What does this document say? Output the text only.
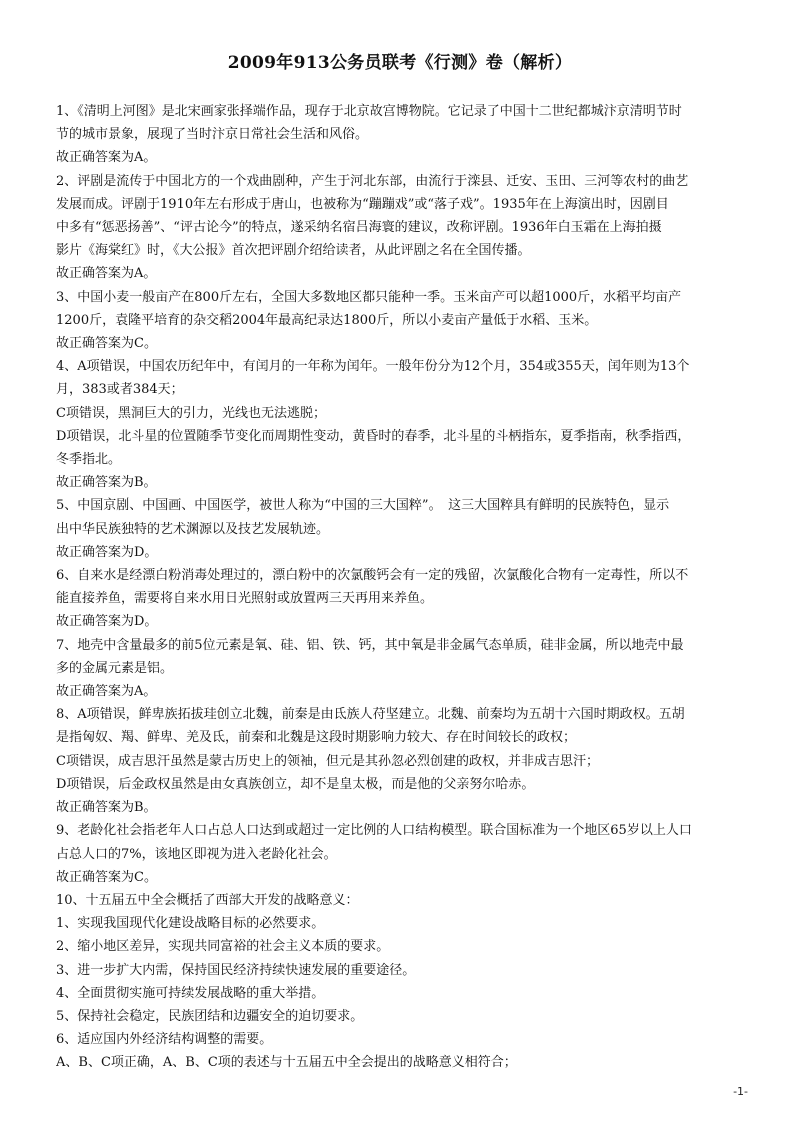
2009年913公务员联考《行测》卷（解析）
1、《清明上河图》是北宋画家张择端作品，现存于北京故宫博物院。它记录了中国十二世纪都城汴京清明节时
节的城市景象，展现了当时汴京日常社会生活和风俗。
故正确答案为A。
2、评剧是流传于中国北方的一个戏曲剧种，产生于河北东部，由流行于滦县、迁安、玉田、三河等农村的曲艺
发展而成。评剧于1910年左右形成于唐山，也被称为“蹦蹦戏”或“落子戏”。1935年在上海演出时，因剧目
中多有“惩恶扬善”、“评古论今”的特点，遂采纳名宿吕海寰的建议，改称评剧。1936年白玉霜在上海拍摄
影片《海棠红》时，《大公报》首次把评剧介绍给读者，从此评剧之名在全国传播。
故正确答案为A。
3、中国小麦一般亩产在800斤左右，全国大多数地区都只能种一季。玉米亩产可以超1000斤，水稻平均亩产
1200斤，袁隆平培育的杂交稻2004年最高纪录达1800斤，所以小麦亩产量低于水稻、玉米。
故正确答案为C。
4、A项错误，中国农历纪年中，有闰月的一年称为闰年。一般年份分为12个月，354或355天，闰年则为13个
月，383或者384天；
C项错误，黑洞巨大的引力，光线也无法逃脱；
D项错误，北斗星的位置随季节变化而周期性变动，黄昏时的春季，北斗星的斗柄指东，夏季指南，秋季指西，
冬季指北。
故正确答案为B。
5、中国京剧、中国画、中国医学，被世人称为“中国的三大国粹”。　这三大国粹具有鲜明的民族特色，显示
出中华民族独特的艺术渊源以及技艺发展轨迹。
故正确答案为D。
6、自来水是经漂白粉消毒处理过的，漂白粉中的次氯酸钙会有一定的残留，次氯酸化合物有一定毒性，所以不
能直接养鱼，需要将自来水用日光照射或放置两三天再用来养鱼。
故正确答案为D。
7、地壳中含量最多的前5位元素是氧、硅、铝、铁、钙，其中氧是非金属气态单质，硅非金属，所以地壳中最
多的金属元素是铝。
故正确答案为A。
8、A项错误，鲜卑族拓拔珪创立北魏，前秦是由氐族人苻坚建立。北魏、前秦均为五胡十六国时期政权。五胡
是指匈奴、羯、鲜卑、羌及氐，前秦和北魏是这段时期影响力较大、存在时间较长的政权；
C项错误，成吉思汗虽然是蒙古历史上的领袖，但元是其孙忽必烈创建的政权，并非成吉思汗；
D项错误，后金政权虽然是由女真族创立，却不是皇太极，而是他的父亲努尔哈赤。
故正确答案为B。
9、老龄化社会指老年人口占总人口达到或超过一定比例的人口结构模型。联合国标准为一个地区65岁以上人口
占总人口的7%，该地区即视为进入老龄化社会。
故正确答案为C。
10、十五届五中全会概括了西部大开发的战略意义：
1、实现我国现代化建设战略目标的必然要求。
2、缩小地区差异，实现共同富裕的社会主义本质的要求。
3、进一步扩大内需，保持国民经济持续快速发展的重要途径。
4、全面贯彻实施可持续发展战略的重大举措。
5、保持社会稳定，民族团结和边疆安全的迫切要求。
6、适应国内外经济结构调整的需要。
A、B、C项正确，A、B、C项的表述与十五届五中全会提出的战略意义相符合；
-1-
